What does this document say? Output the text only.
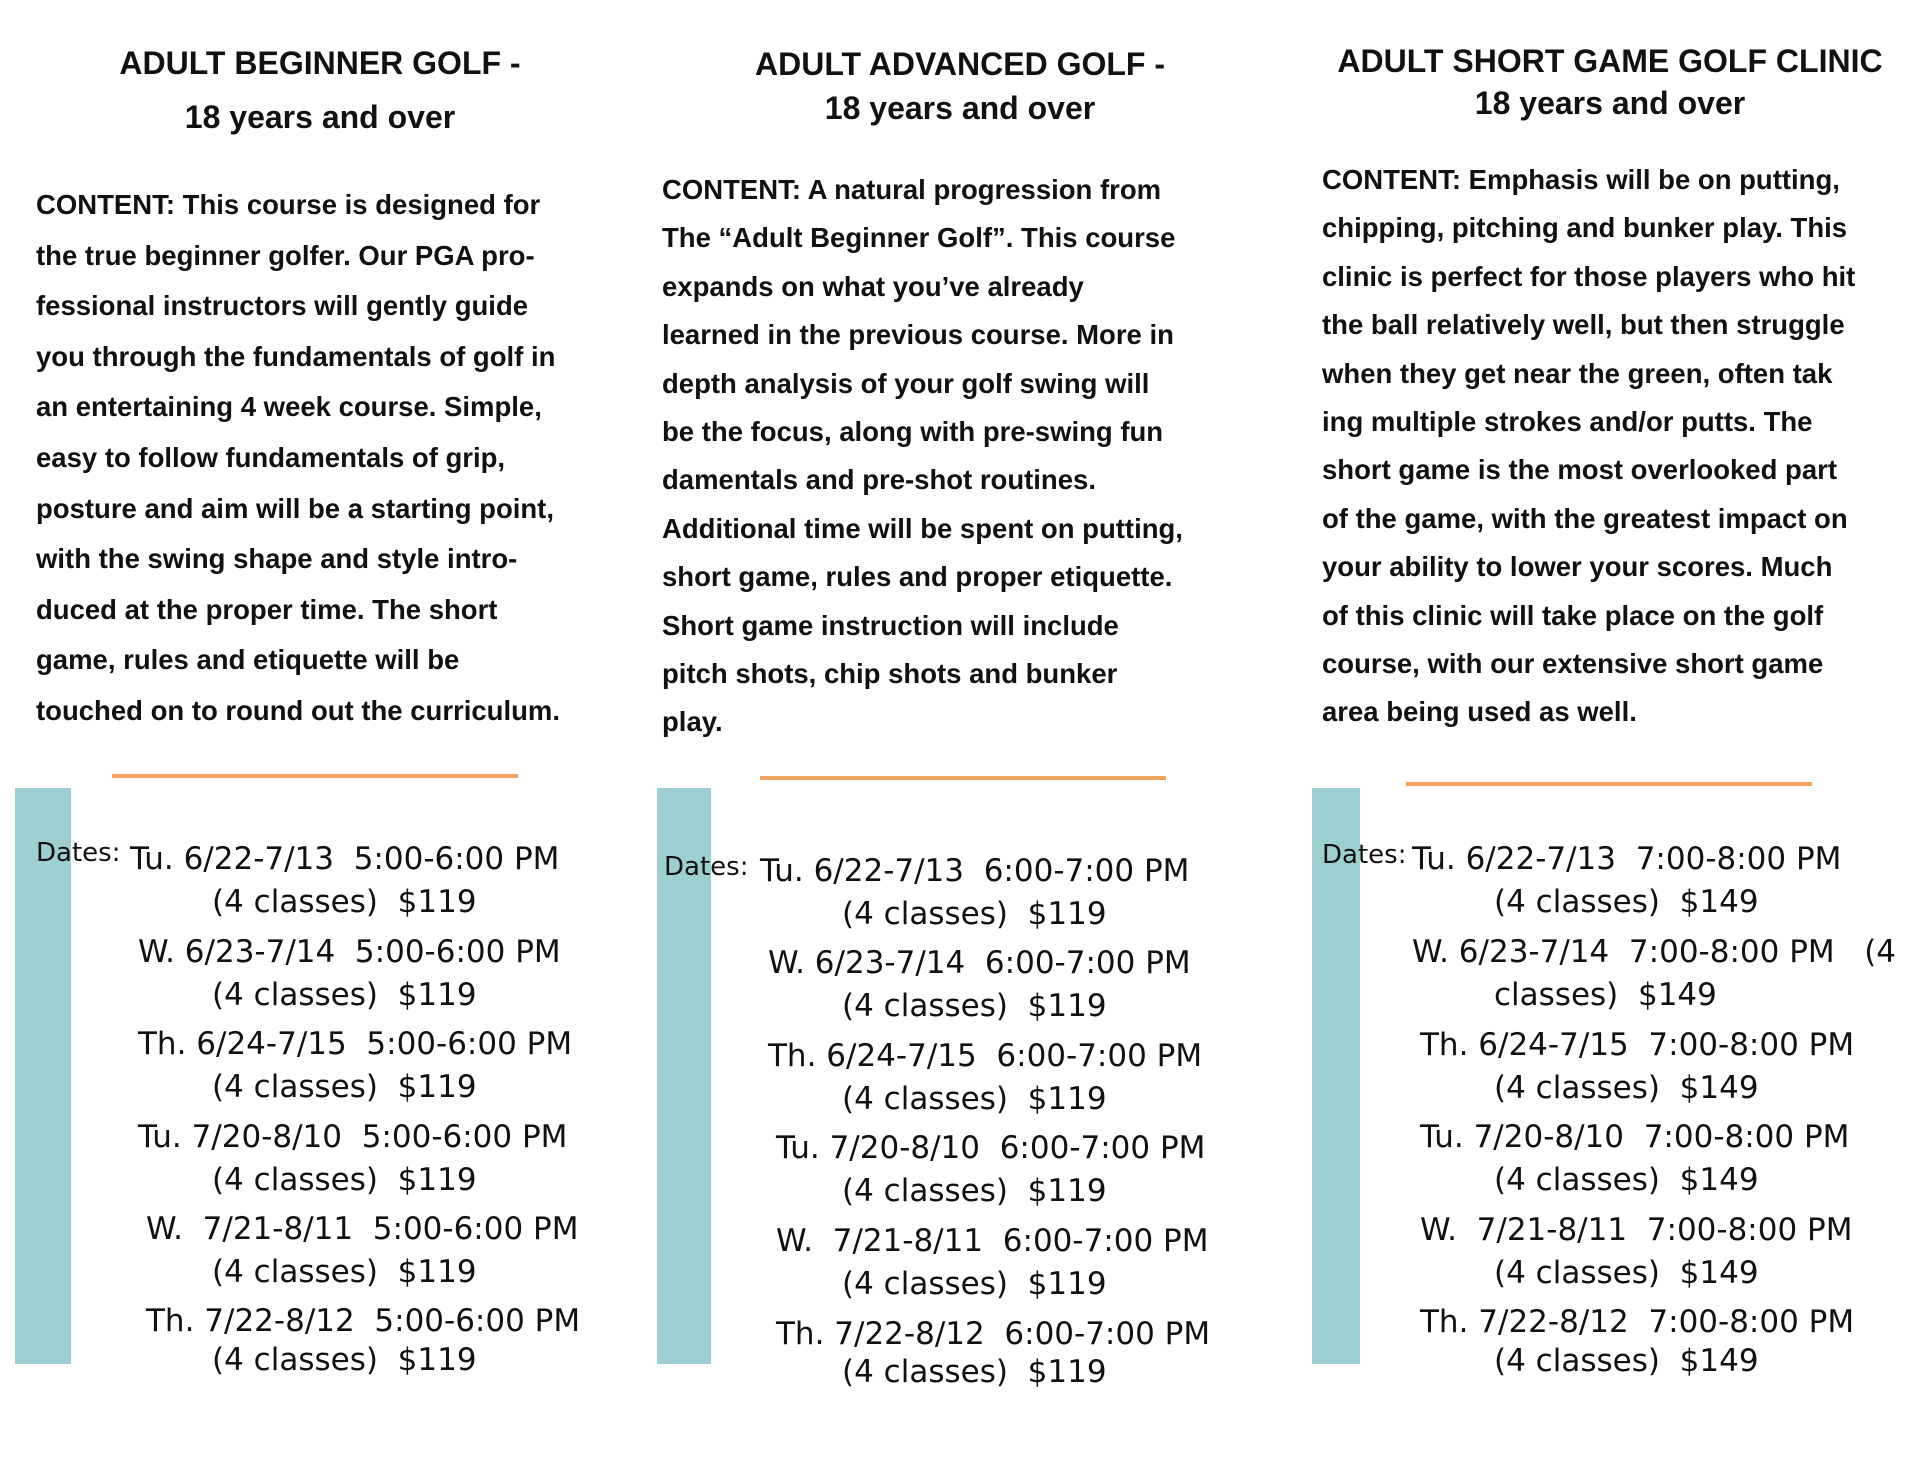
ADULT BEGINNER GOLF -
18 years and over

CONTENT: This course is designed for
the true beginner golfer. Our PGA pro-
fessional instructors will gently guide
you through the fundamentals of golf in
an entertaining 4 week course. Simple,
easy to follow fundamentals of grip,
posture and aim will be a starting point,
with the swing shape and style intro-
duced at the proper time. The short
game, rules and etiquette will be
touched on to round out the curriculum.

Dates:

Tu. 6/22-7/13  5:00-6:00 PM

(4 classes)  $119

W. 6/23-7/14  5:00-6:00 PM

(4 classes)  $119

Th. 6/24-7/15  5:00-6:00 PM

(4 classes)  $119

Tu. 7/20-8/10  5:00-6:00 PM

(4 classes)  $119

W.  7/21-8/11  5:00-6:00 PM

(4 classes)  $119

Th. 7/22-8/12  5:00-6:00 PM

(4 classes)  $119

ADULT ADVANCED GOLF -
18 years and over

CONTENT: A natural progression from
The “Adult Beginner Golf”. This course
expands on what you’ve already
learned in the previous course. More in
depth analysis of your golf swing will
be the focus, along with pre-swing fun
damentals and pre-shot routines.
Additional time will be spent on putting,
short game, rules and proper etiquette.
Short game instruction will include
pitch shots, chip shots and bunker
play.

Dates:

Tu. 6/22-7/13  6:00-7:00 PM

(4 classes)  $119

W. 6/23-7/14  6:00-7:00 PM

(4 classes)  $119

Th. 6/24-7/15  6:00-7:00 PM

(4 classes)  $119

Tu. 7/20-8/10  6:00-7:00 PM

(4 classes)  $119

W.  7/21-8/11  6:00-7:00 PM

(4 classes)  $119

Th. 7/22-8/12  6:00-7:00 PM

(4 classes)  $119

ADULT SHORT GAME GOLF CLINIC
18 years and over

CONTENT: Emphasis will be on putting,
chipping, pitching and bunker play. This
clinic is perfect for those players who hit
the ball relatively well, but then struggle
when they get near the green, often tak
ing multiple strokes and/or putts. The
short game is the most overlooked part
of the game, with the greatest impact on
your ability to lower your scores. Much
of this clinic will take place on the golf
course, with our extensive short game
area being used as well.

Dates:

Tu. 6/22-7/13  7:00-8:00 PM

(4 classes)  $149

W. 6/23-7/14  7:00-8:00 PM   (4

classes)  $149

Th. 6/24-7/15  7:00-8:00 PM

(4 classes)  $149

Tu. 7/20-8/10  7:00-8:00 PM

(4 classes)  $149

W.  7/21-8/11  7:00-8:00 PM

(4 classes)  $149

Th. 7/22-8/12  7:00-8:00 PM

(4 classes)  $149
